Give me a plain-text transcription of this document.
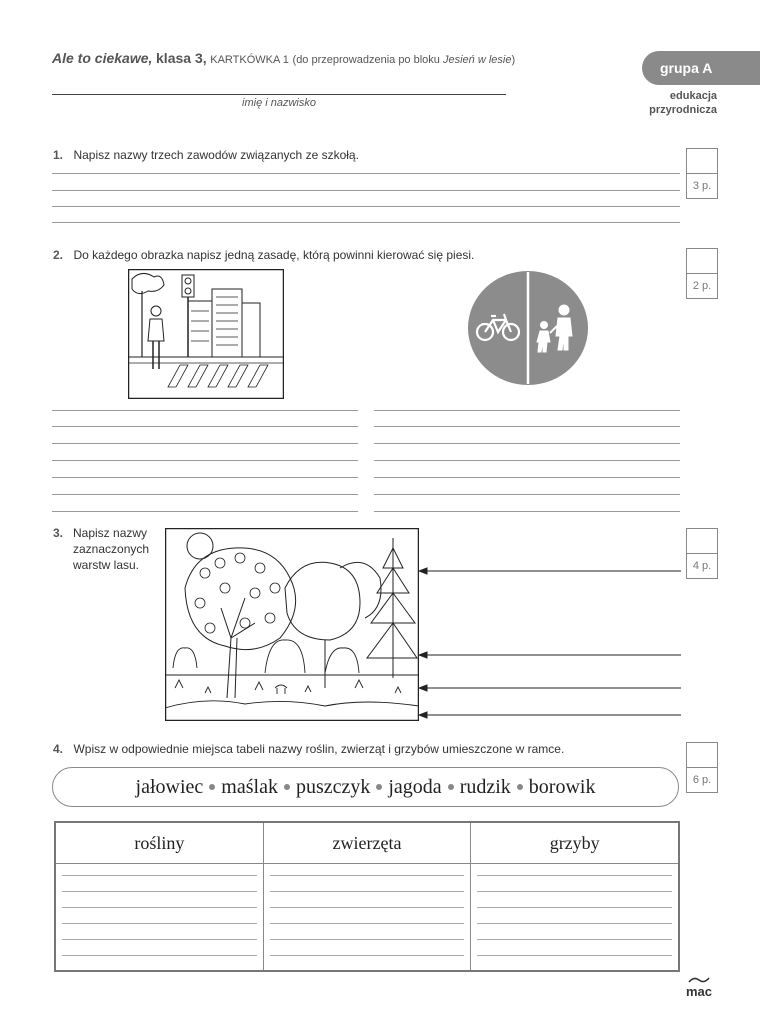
Ale to ciekawe, klasa 3, KARTKÓWKA 1 (do przeprowadzenia po bloku Jesień w lesie)
imię i nazwisko
grupa A
edukacja
przyrodnicza
1. Napisz nazwy trzech zawodów związanych ze szkołą.
3 p.
2. Do każdego obrazka napisz jedną zasadę, którą powinni kierować się piesi.
2 p.
3. Napisz nazwy
zaznaczonych
warstw lasu.	4 p.
4. Wpisz w odpowiednie miejsca tabeli nazwy roślin, zwierząt i grzybów umieszczone w ramce.
6 p.
jałowiec maślak puszczyk jagoda rudzik borowik
rośliny	zwierzęta	grzyby
mac
